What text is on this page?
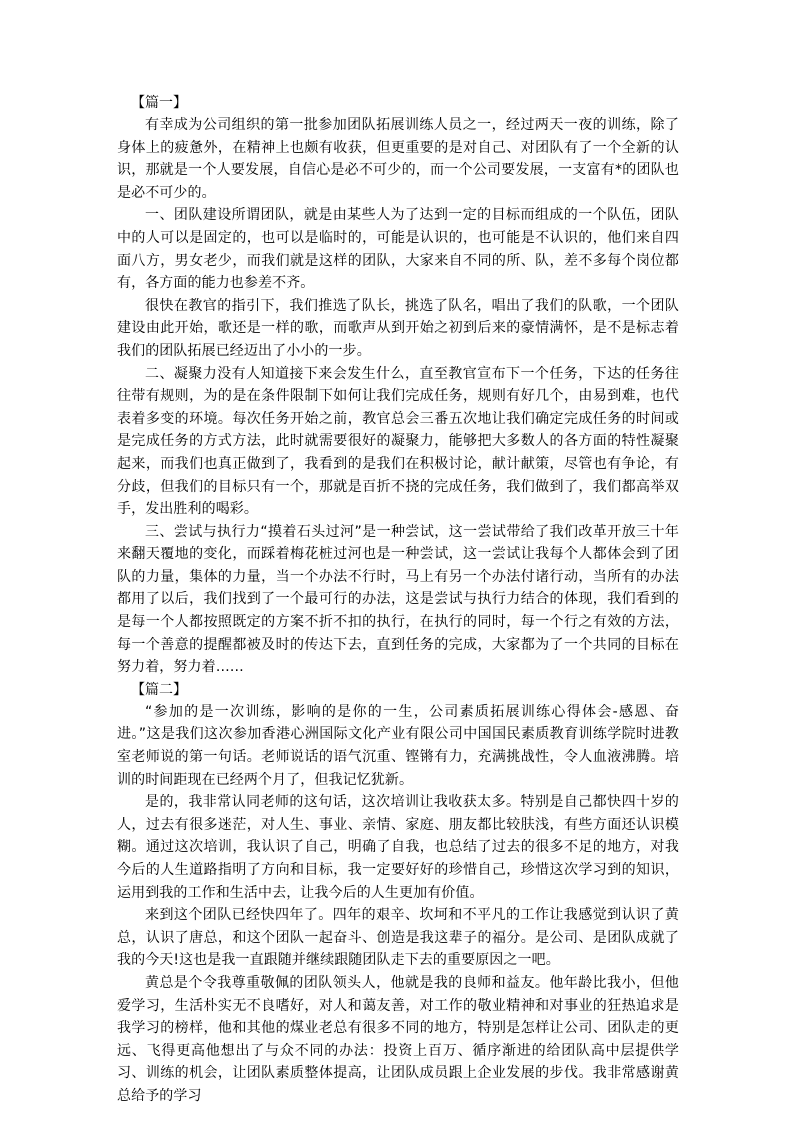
【篇一】

有幸成为公司组织的第一批参加团队拓展训练人员之一，经过两天一夜的训练，除了身体上的疲惫外，在精神上也颇有收获，但更重要的是对自己、对团队有了一个全新的认识，那就是一个人要发展，自信心是必不可少的，而一个公司要发展，一支富有*的团队也是必不可少的。

一、团队建设所谓团队，就是由某些人为了达到一定的目标而组成的一个队伍，团队中的人可以是固定的，也可以是临时的，可能是认识的，也可能是不认识的，他们来自四面八方，男女老少，而我们就是这样的团队，大家来自不同的所、队，差不多每个岗位都有，各方面的能力也参差不齐。

很快在教官的指引下，我们推选了队长，挑选了队名，唱出了我们的队歌，一个团队建设由此开始，歌还是一样的歌，而歌声从到开始之初到后来的豪情满怀，是不是标志着我们的团队拓展已经迈出了小小的一步。

二、凝聚力没有人知道接下来会发生什么，直至教官宣布下一个任务，下达的任务往往带有规则，为的是在条件限制下如何让我们完成任务，规则有好几个，由易到难，也代表着多变的环境。每次任务开始之前，教官总会三番五次地让我们确定完成任务的时间或是完成任务的方式方法，此时就需要很好的凝聚力，能够把大多数人的各方面的特性凝聚起来，而我们也真正做到了，我看到的是我们在积极讨论，献计献策，尽管也有争论，有分歧，但我们的目标只有一个，那就是百折不挠的完成任务，我们做到了，我们都高举双手，发出胜利的喝彩。

三、尝试与执行力“摸着石头过河”是一种尝试，这一尝试带给了我们改革开放三十年来翻天覆地的变化，而踩着梅花桩过河也是一种尝试，这一尝试让我每个人都体会到了团队的力量，集体的力量，当一个办法不行时，马上有另一个办法付诸行动，当所有的办法都用了以后，我们找到了一个最可行的办法，这是尝试与执行力结合的体现，我们看到的是每一个人都按照既定的方案不折不扣的执行，在执行的同时，每一个行之有效的方法，每一个善意的提醒都被及时的传达下去，直到任务的完成，大家都为了一个共同的目标在努力着，努力着……

【篇二】

“参加的是一次训练，影响的是你的一生，公司素质拓展训练心得体会-感恩、奋进。”这是我们这次参加香港心洲国际文化产业有限公司中国国民素质教育训练学院时进教室老师说的第一句话。老师说话的语气沉重、铿锵有力，充满挑战性，令人血液沸腾。培训的时间距现在已经两个月了，但我记忆犹新。

是的，我非常认同老师的这句话，这次培训让我收获太多。特别是自己都快四十岁的人，过去有很多迷茫，对人生、事业、亲情、家庭、朋友都比较肤浅，有些方面还认识模糊。通过这次培训，我认识了自己，明确了自我，也总结了过去的很多不足的地方，对我今后的人生道路指明了方向和目标，我一定要好好的珍惜自己，珍惜这次学习到的知识，运用到我的工作和生活中去，让我今后的人生更加有价值。

来到这个团队已经快四年了。四年的艰辛、坎坷和不平凡的工作让我感觉到认识了黄总，认识了唐总，和这个团队一起奋斗、创造是我这辈子的福分。是公司、是团队成就了我的今天!这也是我一直跟随并继续跟随团队走下去的重要原因之一吧。

黄总是个令我尊重敬佩的团队领头人，他就是我的良师和益友。他年龄比我小，但他爱学习，生活朴实无不良嗜好，对人和蔼友善，对工作的敬业精神和对事业的狂热追求是我学习的榜样，他和其他的煤业老总有很多不同的地方，特别是怎样让公司、团队走的更远、飞得更高他想出了与众不同的办法：投资上百万、循序渐进的给团队高中层提供学习、训练的机会，让团队素质整体提高，让团队成员跟上企业发展的步伐。我非常感谢黄总给予的学习
